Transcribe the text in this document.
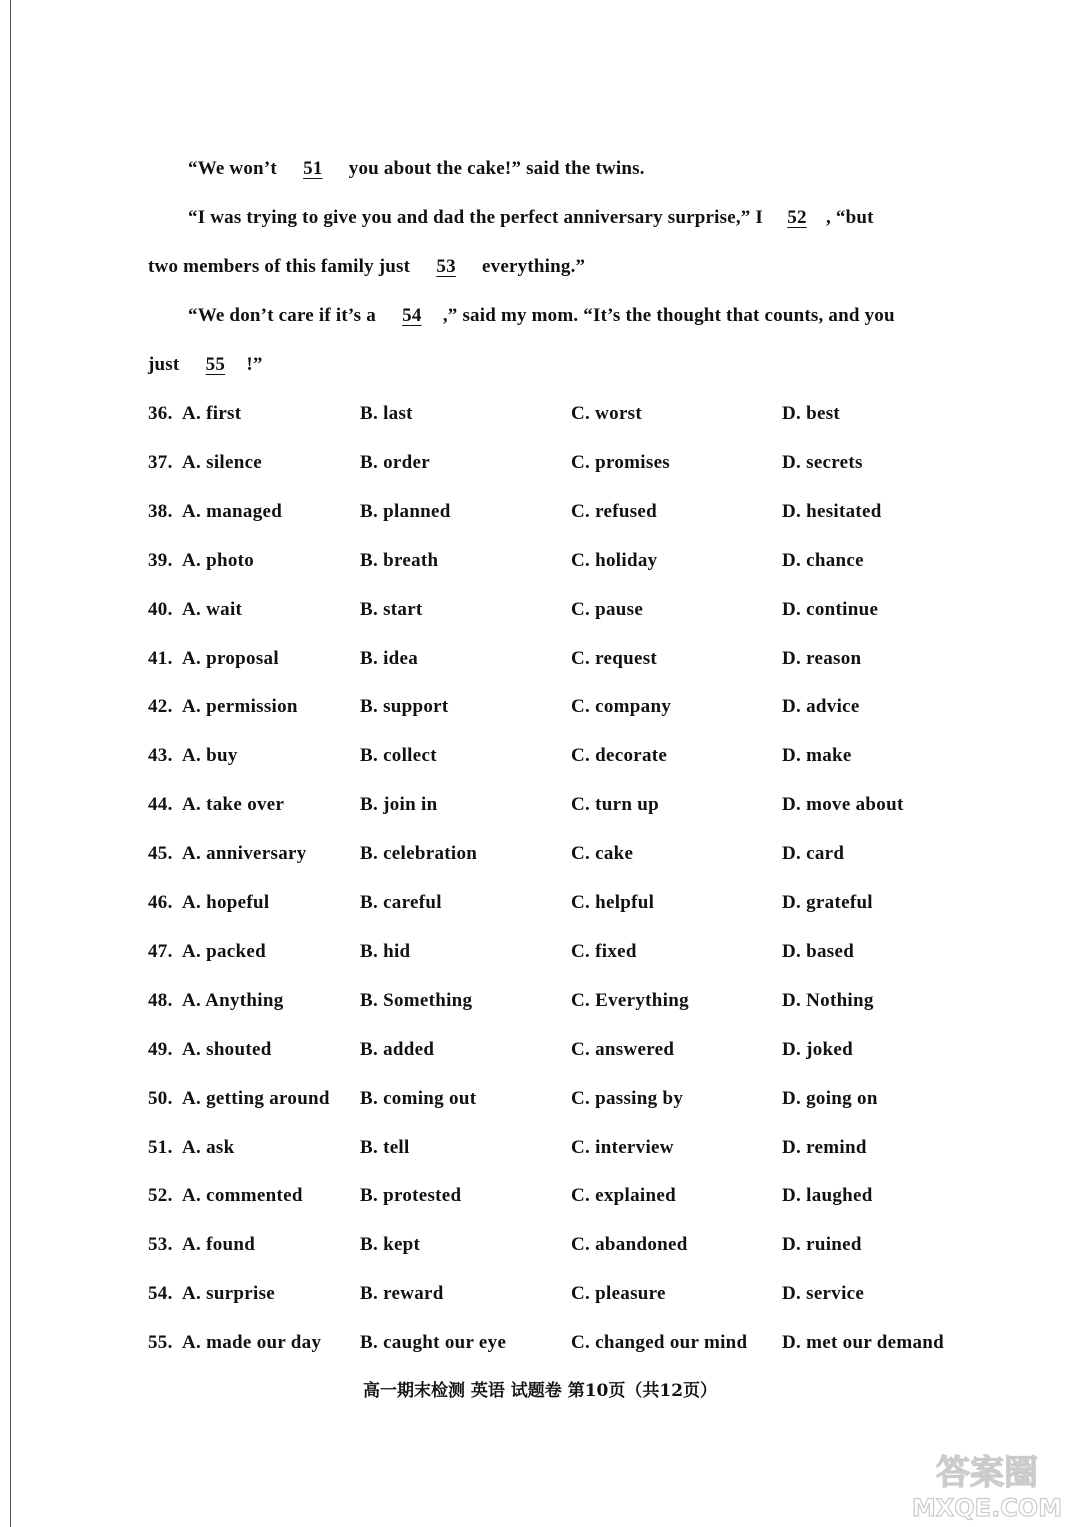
“We won’t 51 you about the cake!” said the twins.
“I was trying to give you and dad the perfect anniversary surprise,” I 52 , “but
two members of this family just 53 everything.”
“We don’t care if it’s a 54 ,” said my mom. “It’s the thought that counts, and you
just 55 !”
36. A. first	B. last	C. worst	D. best
37. A. silence	B. order	C. promises	D. secrets
38. A. managed	B. planned	C. refused	D. hesitated
39. A. photo	B. breath	C. holiday	D. chance
40. A. wait	B. start	C. pause	D. continue
41. A. proposal	B. idea	C. request	D. reason
42. A. permission	B. support	C. company	D. advice
43. A. buy	B. collect	C. decorate	D. make
44. A. take over	B. join in	C. turn up	D. move about
45. A. anniversary	B. celebration	C. cake	D. card
46. A. hopeful	B. careful	C. helpful	D. grateful
47. A. packed	B. hid	C. fixed	D. based
48. A. Anything	B. Something	C. Everything	D. Nothing
49. A. shouted	B. added	C. answered	D. joked
50. A. getting around B. coming out	C. passing by	D. going on
51. A. ask	B. tell	C. interview	D. remind
52. A. commented	B. protested	C. explained	D. laughed
53. A. found	B. kept	C. abandoned	D. ruined
54. A. surprise	B. reward	C. pleasure	D. service
55. A. made our day B. caught our eye	C. changed our mind D. met our demand
高一期末检测 英语 试题卷 第10页（共12页）
答案圈
MXQE.COM
